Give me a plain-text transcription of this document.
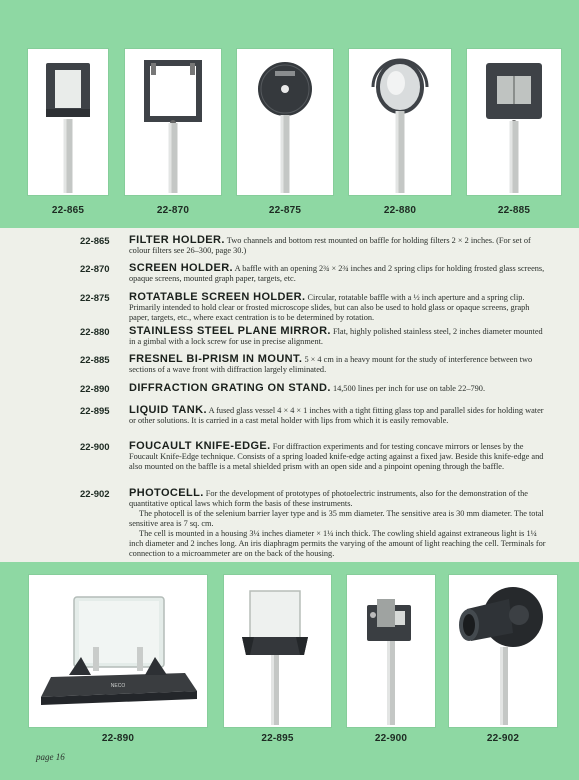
22-865	22-870	22-875	22-880	22-885
22-865 FILTER HOLDER. Two channels and bottom rest mounted on baffle for holding filters 2 × 2 inches. (For set of colour filters see 26–300, page 30.)
22-870 SCREEN HOLDER. A baffle with an opening 2¾ × 2¾ inches and 2 spring clips for holding frosted glass screens, opaque screens, mounted graph paper, targets, etc.
22-875 ROTATABLE SCREEN HOLDER. Circular, rotatable baffle with a ½ inch aperture and a spring clip. Primarily intended to hold clear or frosted microscope slides, but can also be used to hold glass or opaque screens, graph paper, targets, etc., where exact centration is to be determined by rotation.
22-880 STAINLESS STEEL PLANE MIRROR. Flat, highly polished stainless steel, 2 inches diameter mounted in a gimbal with a lock screw for use in precise alignment.
22-885 FRESNEL BI-PRISM IN MOUNT. 5 × 4 cm in a heavy mount for the study of interference between two sections of a wave front with diffraction largely eliminated.
22-890 DIFFRACTION GRATING ON STAND. 14,500 lines per inch for use on table 22–790.
22-895 LIQUID TANK. A fused glass vessel 4 × 4 × 1 inches with a tight fitting glass top and parallel sides for holding water or other solutions. It is carried in a cast metal holder with lips from which it is easily removable.
22-900 FOUCAULT KNIFE-EDGE. For diffraction experiments and for testing concave mirrors or lenses by the Foucault Knife-Edge technique. Consists of a spring loaded knife-edge acting against a fixed jaw. Beside this knife-edge and also mounted on the baffle is a metal shielded prism with an open side and a pinpoint opening through the baffle.
22-902 PHOTOCELL. For the development of prototypes of photoelectric instruments, also for the demonstration of the quantitative optical laws which form the basis of these instruments.
The photocell is of the selenium barrier layer type and is 35 mm diameter. The sensitive area is 30 mm diameter. The total sensitive area is 7 sq. cm.
The cell is mounted in a housing 3¼ inches diameter × 1¼ inch thick. The cowling shield against extraneous light is 1¼ inch diameter and 2 inches long. An iris diaphragm permits the varying of the amount of light reaching the cell. Terminals for connection to a microammeter are on the back of the housing.
NECO
22-890	22-895	22-900	22-902
page 16
